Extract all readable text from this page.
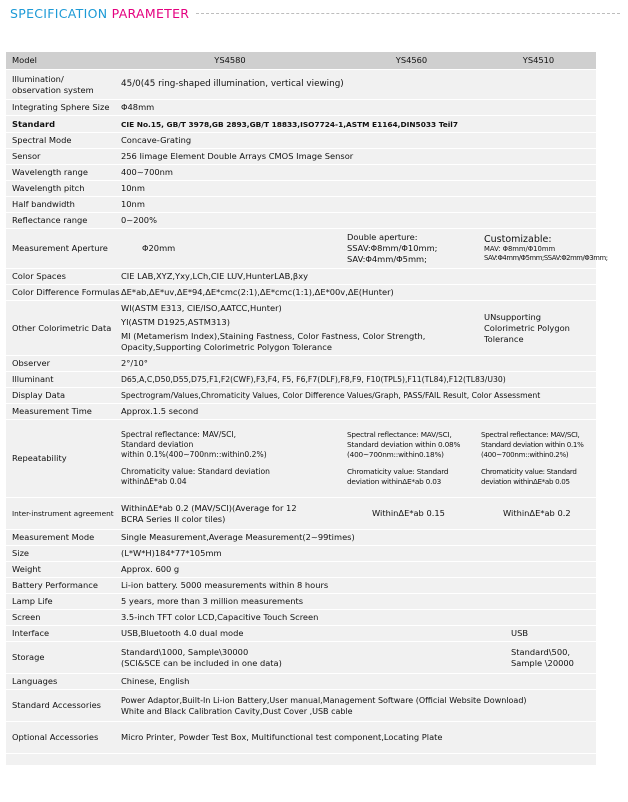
SPECIFICATION PARAMETER
Model	YS4580	YS4560	YS4510
Illumination/ observation system	45/0(45 ring-shaped illumination, vertical viewing)		
Integrating Sphere Size	Φ48mm		
Standard	CIE No.15, GB/T 3978,GB 2893,GB/T 18833,ISO7724-1,ASTM E1164,DIN5033 Teil7		
Spectral Mode	Concave-Grating		
Sensor	256 Iimage Element Double Arrays CMOS Image Sensor		
Wavelength range	400~700nm		
Wavelength pitch	10nm		
Half bandwidth	10nm		
Reflectance range	0~200%		
Measurement Aperture	Φ20mm	Double aperture:
SSAV:Φ8mm/Φ10mm;
SAV:Φ4mm/Φ5mm;	Customizable:
MAV: Φ8mm/Φ10mm
SAV:Φ4mm/Φ5mm;SSAV:Φ2mm/Φ3mm;

Color Spaces	CIE LAB,XYZ,Yxy,LCh,CIE LUV,HunterLAB,βxy		
Color Difference Formulas	ΔE*ab,ΔE*uv,ΔE*94,ΔE*cmc(2:1),ΔE*cmc(1:1),ΔE*00v,ΔE(Hunter)		
Other Colorimetric Data	WI(ASTM E313, CIE/ISO,AATCC,Hunter)
YI(ASTM D1925,ASTM313)
MI (Metamerism Index),Staining Fastness, Color Fastness, Color Strength, Opacity,Supporting Colorimetric Polygon Tolerance		UNsupporting Colorimetric Polygon Tolerance
Observer	2°/10°		
Illuminant	D65,A,C,D50,D55,D75,F1,F2(CWF),F3,F4, F5, F6,F7(DLF),F8,F9, F10(TPL5),F11(TL84),F12(TL83/U30)		
Display Data	Spectrogram/Values,Chromaticity Values, Color Difference Values/Graph, PASS/FAIL Result, Color Assessment		
Measurement Time	Approx.1.5 second		
Repeatability	Spectral reflectance: MAV/SCI,
Standard deviation
within 0.1%(400~700nm::within0.2%)
Chromaticity value: Standard deviation
withinΔE*ab 0.04	Spectral reflectance: MAV/SCI,
Standard deviation within 0.08%
(400~700nm::within0.18%)
Chromaticity value: Standard
deviation withinΔE*ab 0.03	Spectral reflectance: MAV/SCI,
Standard deviation within 0.1%
(400~700nm::within0.2%)
Chromaticity value: Standard
deviation withinΔE*ab 0.05

Inter-instrument agreement	WithinΔE*ab 0.2 (MAV/SCI)(Average for 12
BCRA Series II color tiles)	WithinΔE*ab 0.15	WithinΔE*ab 0.2
Measurement Mode	Single Measurement,Average Measurement(2~99times)		
Size	(L*W*H)184*77*105mm		
Weight	Approx. 600 g		
Battery Performance	Li-ion battery. 5000 measurements within 8 hours		
Lamp Life	5 years, more than 3 million measurements		
Screen	3.5-inch TFT color LCD,Capacitive Touch Screen		
Interface	USB,Bluetooth 4.0 dual mode		USB
Storage	Standard\1000, Sample\30000
(SCI&SCE can be included in one data)		Standard\500,
Sample \20000

Languages	Chinese, English		
Standard Accessories	Power Adaptor,Built-In Li-ion Battery,User manual,Management Software (Official Website Download)
White and Black Calibration Cavity,Dust Cover ,USB cable		

Optional Accessories	Micro Printer, Powder Test Box, Multifunctional test component,Locating Plate		
